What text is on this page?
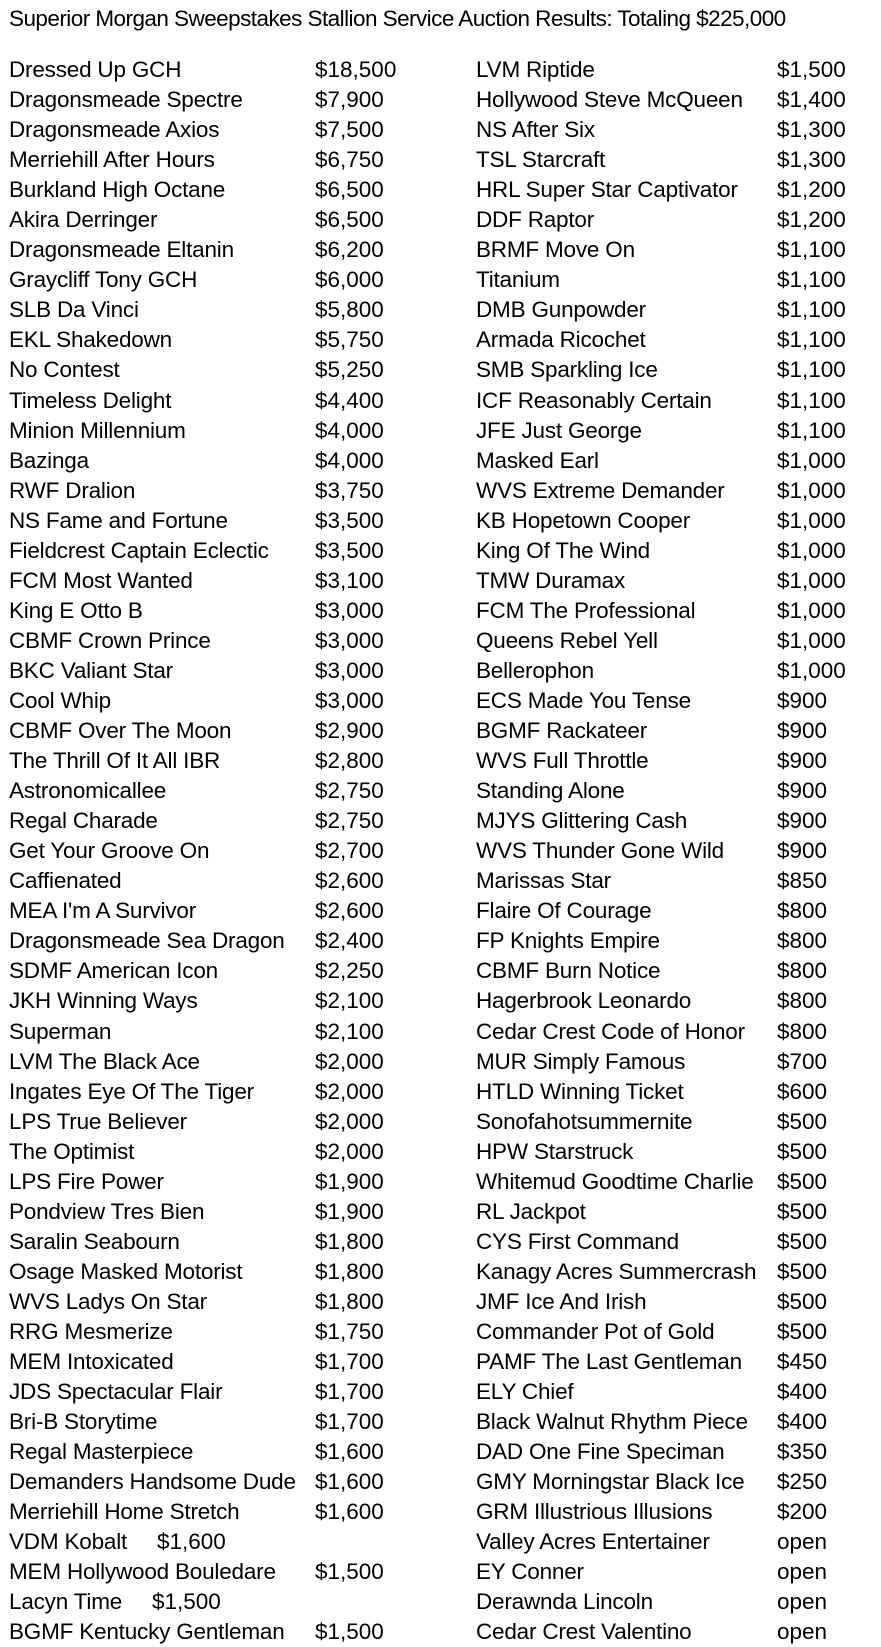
Superior Morgan Sweepstakes Stallion Service Auction Results: Totaling $225,000
Dressed Up GCH	$18,500
Dragonsmeade Spectre	$7,900
Dragonsmeade Axios	$7,500
Merriehill After Hours	$6,750
Burkland High Octane	$6,500
Akira Derringer	$6,500
Dragonsmeade Eltanin	$6,200
Graycliff Tony GCH	$6,000
SLB Da Vinci	$5,800
EKL Shakedown	$5,750
No Contest	$5,250
Timeless Delight	$4,400
Minion Millennium	$4,000
Bazinga	$4,000
RWF Dralion	$3,750
NS Fame and Fortune	$3,500
Fieldcrest Captain Eclectic $3,500
FCM Most Wanted	$3,100
King E Otto B	$3,000
CBMF Crown Prince	$3,000
BKC Valiant Star	$3,000
Cool Whip	$3,000
CBMF Over The Moon	$2,900
The Thrill Of It All IBR	$2,800
Astronomicallee	$2,750
Regal Charade	$2,750
Get Your Groove On	$2,700
Caffienated	$2,600
MEA I'm A Survivor	$2,600
Dragonsmeade Sea Dragon $2,400
SDMF American Icon	$2,250
JKH Winning Ways	$2,100
Superman	$2,100
LVM The Black Ace	$2,000
Ingates Eye Of The Tiger	$2,000
LPS True Believer	$2,000
The Optimist	$2,000
LPS Fire Power	$1,900
Pondview Tres Bien	$1,900
Saralin Seabourn	$1,800
Osage Masked Motorist	$1,800
WVS Ladys On Star	$1,800
RRG Mesmerize	$1,750
MEM Intoxicated	$1,700
JDS Spectacular Flair	$1,700
Bri-B Storytime	$1,700
Regal Masterpiece	$1,600
Demanders Handsome Dude $1,600
Merriehill Home Stretch	$1,600
VDM Kobalt $1,600
MEM Hollywood Bouledare $1,500
Lacyn Time $1,500
BGMF Kentucky Gentleman $1,500
LVM Riptide	$1,500
Hollywood Steve McQueen $1,400
NS After Six	$1,300
TSL Starcraft	$1,300
HRL Super Star Captivator $1,200
DDF Raptor	$1,200
BRMF Move On	$1,100
Titanium	$1,100
DMB Gunpowder	$1,100
Armada Ricochet	$1,100
SMB Sparkling Ice	$1,100
ICF Reasonably Certain	$1,100
JFE Just George	$1,100
Masked Earl	$1,000
WVS Extreme Demander $1,000
KB Hopetown Cooper	$1,000
King Of The Wind	$1,000
TMW Duramax	$1,000
FCM The Professional	$1,000
Queens Rebel Yell	$1,000
Bellerophon	$1,000
ECS Made You Tense	$900
BGMF Rackateer	$900
WVS Full Throttle	$900
Standing Alone	$900
MJYS Glittering Cash	$900
WVS Thunder Gone Wild $900
Marissas Star	$850
Flaire Of Courage	$800
FP Knights Empire	$800
CBMF Burn Notice	$800
Hagerbrook Leonardo	$800
Cedar Crest Code of Honor $800
MUR Simply Famous	$700
HTLD Winning Ticket	$600
Sonofahotsummernite	$500
HPW Starstruck	$500
Whitemud Goodtime Charlie $500
RL Jackpot	$500
CYS First Command	$500
Kanagy Acres Summercrash $500
JMF Ice And Irish	$500
Commander Pot of Gold	$500
PAMF The Last Gentleman $450
ELY Chief	$400
Black Walnut Rhythm Piece $400
DAD One Fine Speciman $350
GMY Morningstar Black Ice $250
GRM Illustrious Illusions	$200
Valley Acres Entertainer	open
EY Conner	open
Derawnda Lincoln	open
Cedar Crest Valentino	open
